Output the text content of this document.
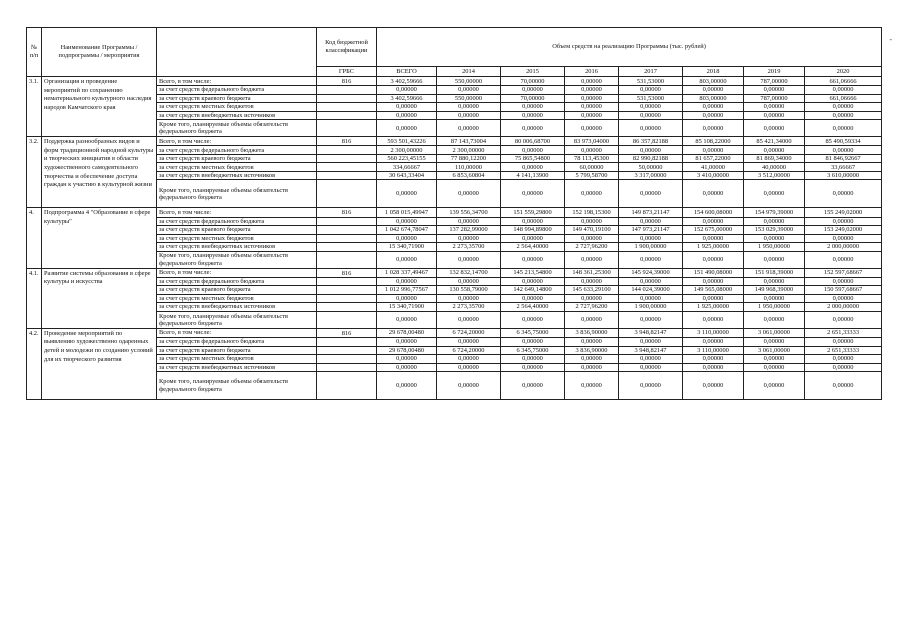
-
№ п/п	Наименование Программы / подпрограммы / мероприятия		Код бюджетной классификации	Объем средств на реализацию Программы (тыс. рублей)							
			ГРБС	ВСЕГО	2014	2015	2016	2017	2018	2019	2020
3.1.	Организация и проведение мероприятий по сохранению нематериального культурного наследия народов Камчатского края	Всего, в том числе:	816	3 402,59666	550,00000	70,00000	0,00000	531,53000	803,00000	787,00000	661,06666
		за счет средств федерального бюджета		0,00000	0,00000	0,00000	0,00000	0,00000	0,00000	0,00000	0,00000
		за счет средств краевого бюджета		3 402,59666	550,00000	70,00000	0,00000	531,53000	803,00000	787,00000	661,06666
		за счет средств местных бюджетов		0,00000	0,00000	0,00000	0,00000	0,00000	0,00000	0,00000	0,00000
		за счет средств внебюджетных источников		0,00000	0,00000	0,00000	0,00000	0,00000	0,00000	0,00000	0,00000
		Кроме того, планируемые объемы обязательств федерального бюджета		0,00000	0,00000	0,00000	0,00000	0,00000	0,00000	0,00000	0,00000
3.2.	Поддержка разнообразных видов и форм традиционной народной культуры и творческих инициатив в области художественного самодеятельного творчества и обеспечение доступа граждан к участию в культурной жизни	Всего, в том числе:	816	593 501,43226	87 143,73004	80 006,68700	83 973,04000	86 357,82188	85 108,22000	85 421,34000	85 490,59334
		за счет средств федерального бюджета		2 300,00000	2 300,00000	0,00000	0,00000	0,00000	0,00000	0,00000	0,00000
		за счет средств краевого бюджета		560 223,45155	77 880,12200	75 865,54800	78 113,45300	82 990,82188	81 657,22000	81 869,34000	81 846,92667
		за счет средств местных бюджетов		334,66667	110,00000	0,00000	60,00000	50,00000	41,00000	40,00000	33,66667
		за счет средств внебюджетных источников		30 643,33404	6 853,60804	4 141,13900	5 799,58700	3 317,00000	3 410,00000	3 512,00000	3 610,00000
		Кроме того, планируемые объемы обязательств федерального бюджета		0,00000	0,00000	0,00000	0,00000	0,00000	0,00000	0,00000	0,00000
4.	Подпрограмма 4 "Образование в сфере культуры"	Всего, в том числе:	816	1 058 015,49947	139 556,34700	151 559,29800	152 198,15300	149 873,21147	154 600,08000	154 979,39000	155 249,02000
		за счет средств федерального бюджета		0,00000	0,00000	0,00000	0,00000	0,00000	0,00000	0,00000	0,00000
		за счет средств краевого бюджета		1 042 674,78047	137 282,99000	148 994,89800	149 470,19100	147 973,21147	152 675,00000	153 029,39000	153 249,02000
		за счет средств местных бюджетов		0,00000	0,00000	0,00000	0,00000	0,00000	0,00000	0,00000	0,00000
		за счет средств внебюджетных источников		15 340,71900	2 273,35700	2 564,40000	2 727,96200	1 900,00000	1 925,00000	1 950,00000	2 000,00000
		Кроме того, планируемые объемы обязательств федерального бюджета		0,00000	0,00000	0,00000	0,00000	0,00000	0,00000	0,00000	0,00000
4.1.	Развитие системы образования в сфере культуры и искусства	Всего, в том числе:	816	1 028 337,49467	132 832,14700	145 213,54800	148 361,25300	145 924,39000	151 490,08000	151 918,39000	152 597,68667
		за счет средств федерального бюджета		0,00000	0,00000	0,00000	0,00000	0,00000	0,00000	0,00000	0,00000
		за счет средств краевого бюджета		1 012 996,77567	130 558,79000	142 649,14800	145 633,29100	144 024,39000	149 565,08000	149 968,39000	150 597,68667
		за счет средств местных бюджетов		0,00000	0,00000	0,00000	0,00000	0,00000	0,00000	0,00000	0,00000
		за счет средств внебюджетных источников		15 340,71900	2 273,35700	2 564,40000	2 727,96200	1 900,00000	1 925,00000	1 950,00000	2 000,00000
		Кроме того, планируемые объемы обязательств федерального бюджета		0,00000	0,00000	0,00000	0,00000	0,00000	0,00000	0,00000	0,00000
4.2.	Проведение мероприятий по выявлению художественно одаренных детей и молодежи по созданию условий для их творческого развития	Всего, в том числе:	816	29 678,00480	6 724,20000	6 345,75000	3 836,90000	3 948,82147	3 110,00000	3 061,00000	2 651,33333
		за счет средств федерального бюджета		0,00000	0,00000	0,00000	0,00000	0,00000	0,00000	0,00000	0,00000
		за счет средств краевого бюджета		29 678,00480	6 724,20000	6 345,75000	3 836,90000	3 948,82147	3 110,00000	3 061,00000	2 651,33333
		за счет средств местных бюджетов		0,00000	0,00000	0,00000	0,00000	0,00000	0,00000	0,00000	0,00000
		за счет средств внебюджетных источников		0,00000	0,00000	0,00000	0,00000	0,00000	0,00000	0,00000	0,00000
		Кроме того, планируемые объемы обязательств федерального бюджета		0,00000	0,00000	0,00000	0,00000	0,00000	0,00000	0,00000	0,00000
